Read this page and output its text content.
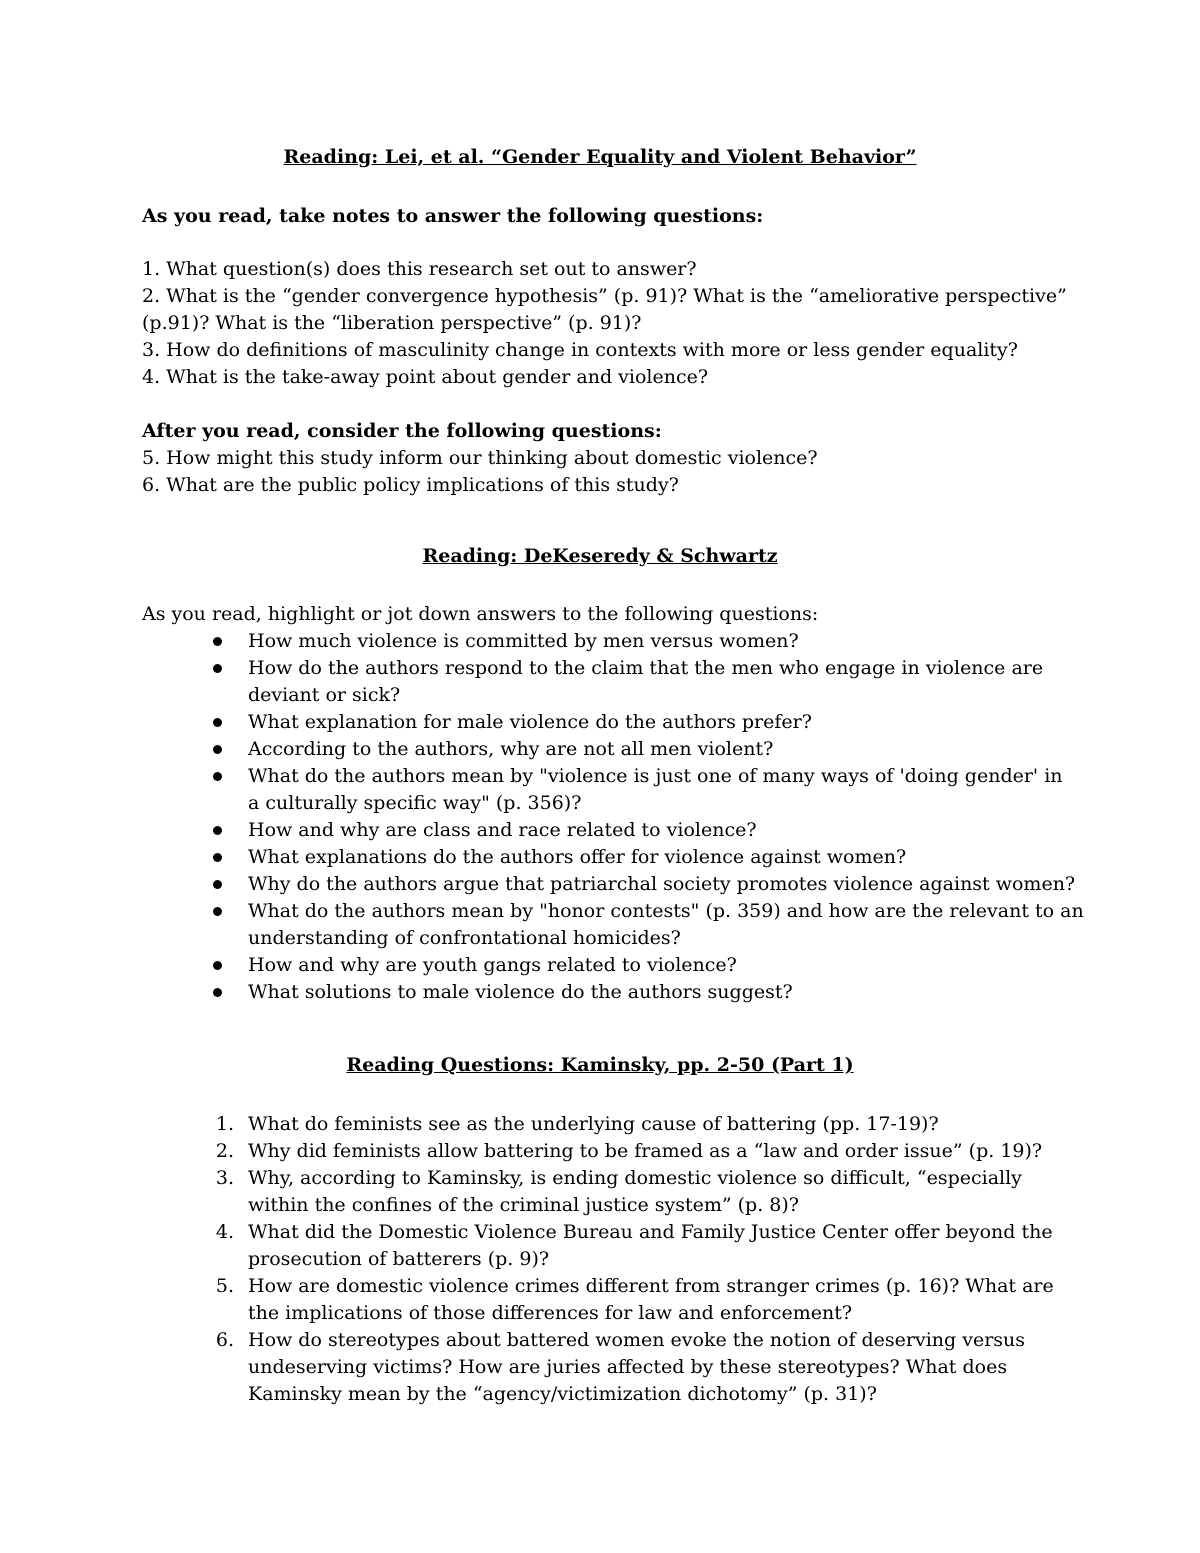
Reading: Lei, et al. “Gender Equality and Violent Behavior”
As you read, take notes to answer the following questions:
1. What question(s) does this research set out to answer?
2. What is the “gender convergence hypothesis” (p. 91)? What is the “ameliorative perspective”
(p.91)? What is the “liberation perspective” (p. 91)?
3. How do definitions of masculinity change in contexts with more or less gender equality?
4. What is the take-away point about gender and violence?
After you read, consider the following questions:
5. How might this study inform our thinking about domestic violence?
6. What are the public policy implications of this study?
Reading: DeKeseredy & Schwartz
As you read, highlight or jot down answers to the following questions:
How much violence is committed by men versus women?
How do the authors respond to the claim that the men who engage in violence are
deviant or sick?
What explanation for male violence do the authors prefer?
According to the authors, why are not all men violent?
What do the authors mean by "violence is just one of many ways of 'doing gender' in
a culturally specific way" (p. 356)?
How and why are class and race related to violence?
What explanations do the authors offer for violence against women?
Why do the authors argue that patriarchal society promotes violence against women?
What do the authors mean by "honor contests" (p. 359) and how are the relevant to an
understanding of confrontational homicides?
How and why are youth gangs related to violence?
What solutions to male violence do the authors suggest?
Reading Questions: Kaminsky, pp. 2-50 (Part 1)
1. What do feminists see as the underlying cause of battering (pp. 17-19)?
2. Why did feminists allow battering to be framed as a “law and order issue” (p. 19)?
3. Why, according to Kaminsky, is ending domestic violence so difficult, “especially
within the confines of the criminal justice system” (p. 8)?
4. What did the Domestic Violence Bureau and Family Justice Center offer beyond the
prosecution of batterers (p. 9)?
5. How are domestic violence crimes different from stranger crimes (p. 16)? What are
the implications of those differences for law and enforcement?
6. How do stereotypes about battered women evoke the notion of deserving versus
undeserving victims? How are juries affected by these stereotypes? What does
Kaminsky mean by the “agency/victimization dichotomy” (p. 31)?
